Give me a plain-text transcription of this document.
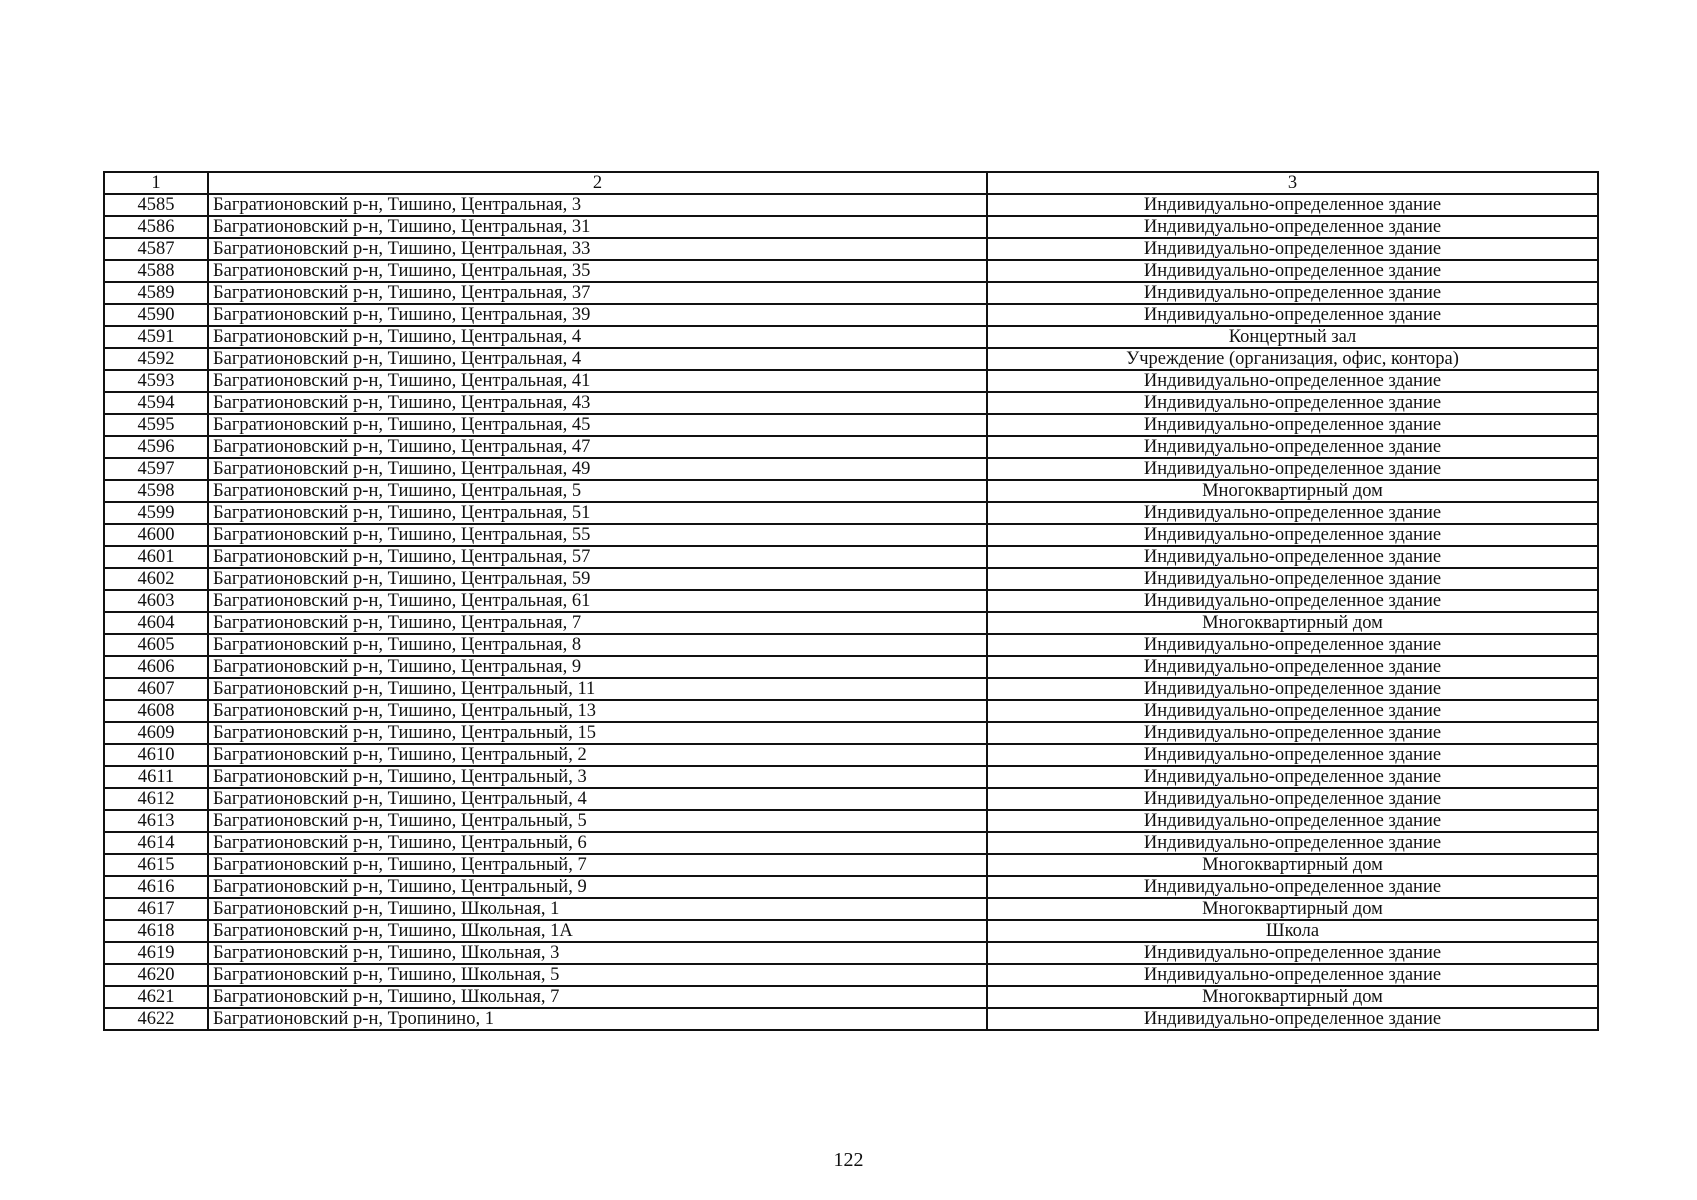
1	2	3
4585	Багратионовский р-н, Тишино, Центральная, 3	Индивидуально-определенное здание
4586	Багратионовский р-н, Тишино, Центральная, 31	Индивидуально-определенное здание
4587	Багратионовский р-н, Тишино, Центральная, 33	Индивидуально-определенное здание
4588	Багратионовский р-н, Тишино, Центральная, 35	Индивидуально-определенное здание
4589	Багратионовский р-н, Тишино, Центральная, 37	Индивидуально-определенное здание
4590	Багратионовский р-н, Тишино, Центральная, 39	Индивидуально-определенное здание
4591	Багратионовский р-н, Тишино, Центральная, 4	Концертный зал
4592	Багратионовский р-н, Тишино, Центральная, 4	Учреждение (организация, офис, контора)
4593	Багратионовский р-н, Тишино, Центральная, 41	Индивидуально-определенное здание
4594	Багратионовский р-н, Тишино, Центральная, 43	Индивидуально-определенное здание
4595	Багратионовский р-н, Тишино, Центральная, 45	Индивидуально-определенное здание
4596	Багратионовский р-н, Тишино, Центральная, 47	Индивидуально-определенное здание
4597	Багратионовский р-н, Тишино, Центральная, 49	Индивидуально-определенное здание
4598	Багратионовский р-н, Тишино, Центральная, 5	Многоквартирный дом
4599	Багратионовский р-н, Тишино, Центральная, 51	Индивидуально-определенное здание
4600	Багратионовский р-н, Тишино, Центральная, 55	Индивидуально-определенное здание
4601	Багратионовский р-н, Тишино, Центральная, 57	Индивидуально-определенное здание
4602	Багратионовский р-н, Тишино, Центральная, 59	Индивидуально-определенное здание
4603	Багратионовский р-н, Тишино, Центральная, 61	Индивидуально-определенное здание
4604	Багратионовский р-н, Тишино, Центральная, 7	Многоквартирный дом
4605	Багратионовский р-н, Тишино, Центральная, 8	Индивидуально-определенное здание
4606	Багратионовский р-н, Тишино, Центральная, 9	Индивидуально-определенное здание
4607	Багратионовский р-н, Тишино, Центральный, 11	Индивидуально-определенное здание
4608	Багратионовский р-н, Тишино, Центральный, 13	Индивидуально-определенное здание
4609	Багратионовский р-н, Тишино, Центральный, 15	Индивидуально-определенное здание
4610	Багратионовский р-н, Тишино, Центральный, 2	Индивидуально-определенное здание
4611	Багратионовский р-н, Тишино, Центральный, 3	Индивидуально-определенное здание
4612	Багратионовский р-н, Тишино, Центральный, 4	Индивидуально-определенное здание
4613	Багратионовский р-н, Тишино, Центральный, 5	Индивидуально-определенное здание
4614	Багратионовский р-н, Тишино, Центральный, 6	Индивидуально-определенное здание
4615	Багратионовский р-н, Тишино, Центральный, 7	Многоквартирный дом
4616	Багратионовский р-н, Тишино, Центральный, 9	Индивидуально-определенное здание
4617	Багратионовский р-н, Тишино, Школьная, 1	Многоквартирный дом
4618	Багратионовский р-н, Тишино, Школьная, 1А	Школа
4619	Багратионовский р-н, Тишино, Школьная, 3	Индивидуально-определенное здание
4620	Багратионовский р-н, Тишино, Школьная, 5	Индивидуально-определенное здание
4621	Багратионовский р-н, Тишино, Школьная, 7	Многоквартирный дом
4622	Багратионовский р-н, Тропинино, 1	Индивидуально-определенное здание
122
